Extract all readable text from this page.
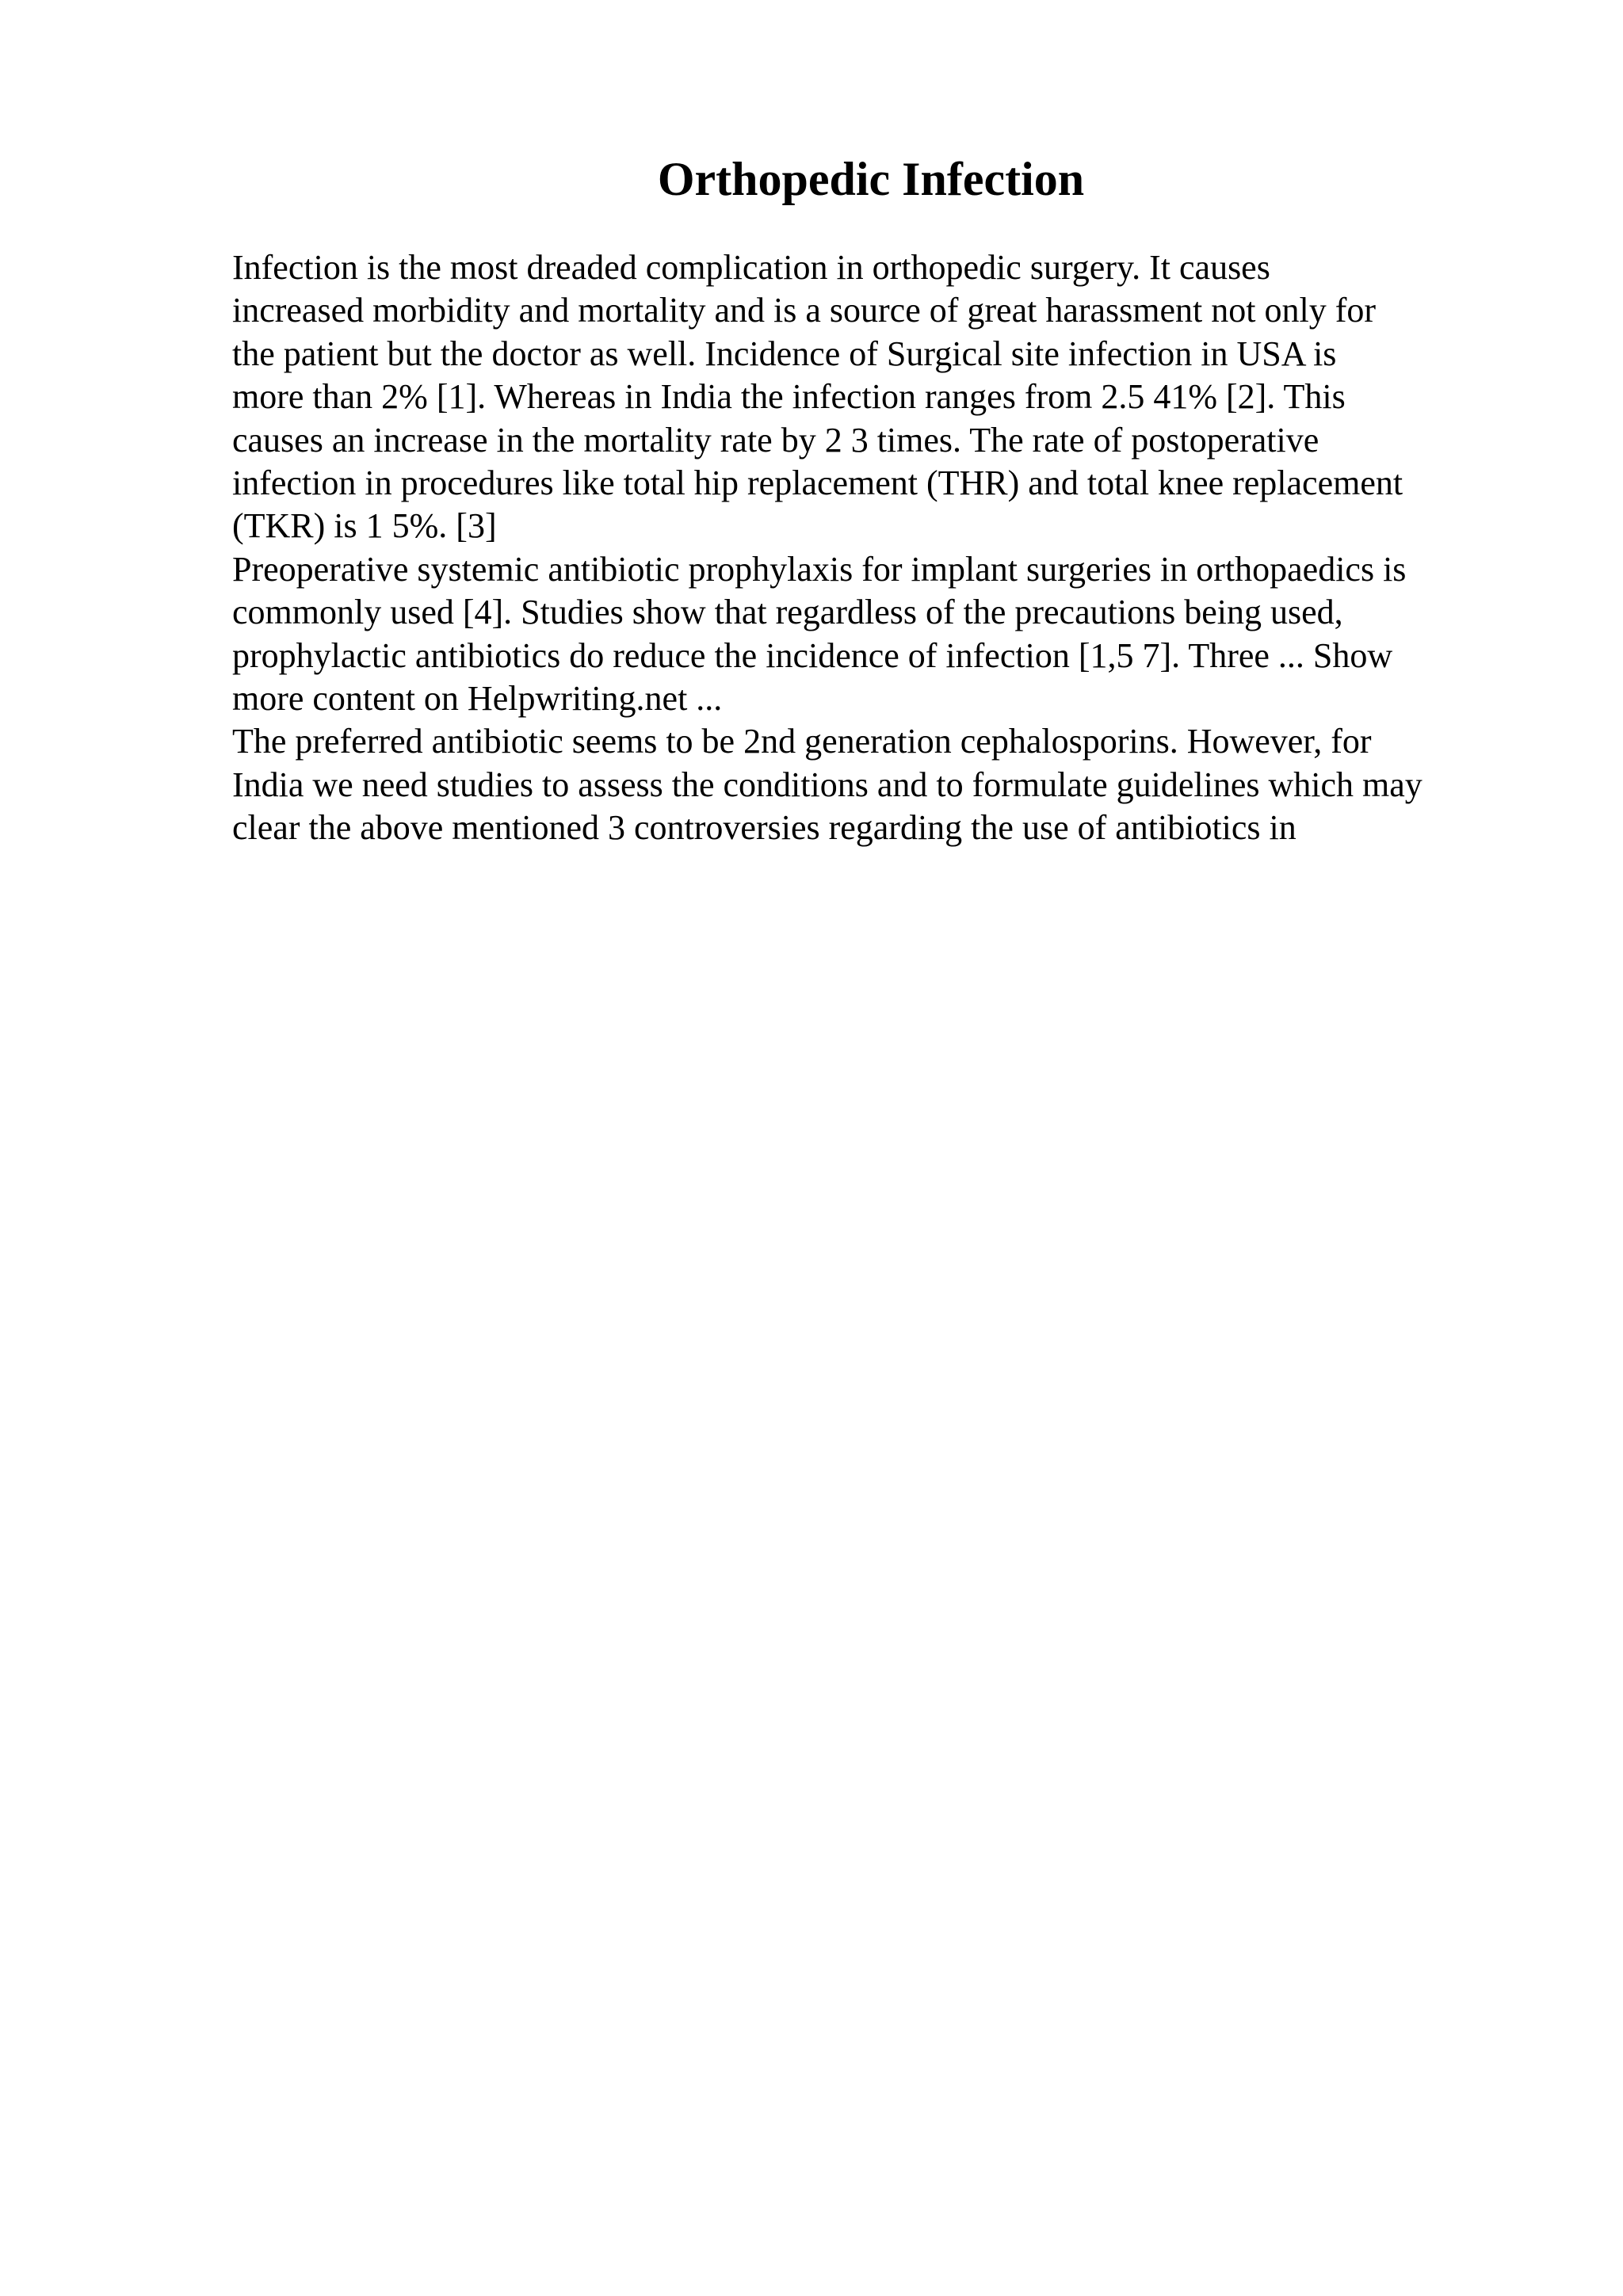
Orthopedic Infection
Infection is the most dreaded complication in orthopedic surgery. It causes
increased morbidity and mortality and is a source of great harassment not only for
the patient but the doctor as well. Incidence of Surgical site infection in USA is
more than 2% [1]. Whereas in India the infection ranges from 2.5 41% [2]. This
causes an increase in the mortality rate by 2 3 times. The rate of postoperative
infection in procedures like total hip replacement (THR) and total knee replacement
(TKR) is 1 5%. [3]
Preoperative systemic antibiotic prophylaxis for implant surgeries in orthopaedics is
commonly used [4]. Studies show that regardless of the precautions being used,
prophylactic antibiotics do reduce the incidence of infection [1,5 7]. Three ... Show
more content on Helpwriting.net ...
The preferred antibiotic seems to be 2nd generation cephalosporins. However, for
India we need studies to assess the conditions and to formulate guidelines which may
clear the above mentioned 3 controversies regarding the use of antibiotics in
